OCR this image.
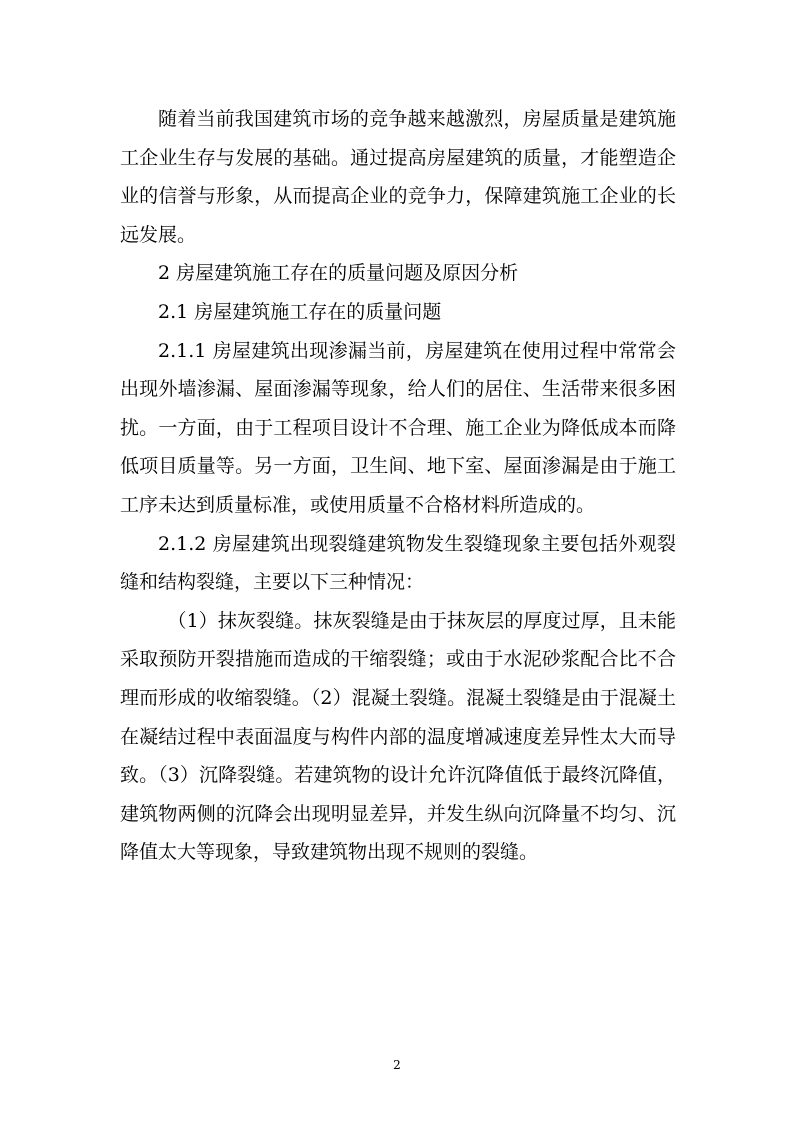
随着当前我国建筑市场的竞争越来越激烈，房屋质量是建筑施工企业生存与发展的基础。通过提高房屋建筑的质量，才能塑造企业的信誉与形象，从而提高企业的竞争力，保障建筑施工企业的长远发展。

2 房屋建筑施工存在的质量问题及原因分析

2.1 房屋建筑施工存在的质量问题

2.1.1 房屋建筑出现渗漏当前，房屋建筑在使用过程中常常会出现外墙渗漏、屋面渗漏等现象，给人们的居住、生活带来很多困扰。一方面，由于工程项目设计不合理、施工企业为降低成本而降低项目质量等。另一方面，卫生间、地下室、屋面渗漏是由于施工工序未达到质量标准，或使用质量不合格材料所造成的。

2.1.2 房屋建筑出现裂缝建筑物发生裂缝现象主要包括外观裂缝和结构裂缝，主要以下三种情况：

（1）抹灰裂缝。抹灰裂缝是由于抹灰层的厚度过厚，且未能采取预防开裂措施而造成的干缩裂缝；或由于水泥砂浆配合比不合理而形成的收缩裂缝。（2）混凝土裂缝。混凝土裂缝是由于混凝土在凝结过程中表面温度与构件内部的温度增减速度差异性太大而导致。（3）沉降裂缝。若建筑物的设计允许沉降值低于最终沉降值，建筑物两侧的沉降会出现明显差异，并发生纵向沉降量不均匀、沉降值太大等现象，导致建筑物出现不规则的裂缝。

2
